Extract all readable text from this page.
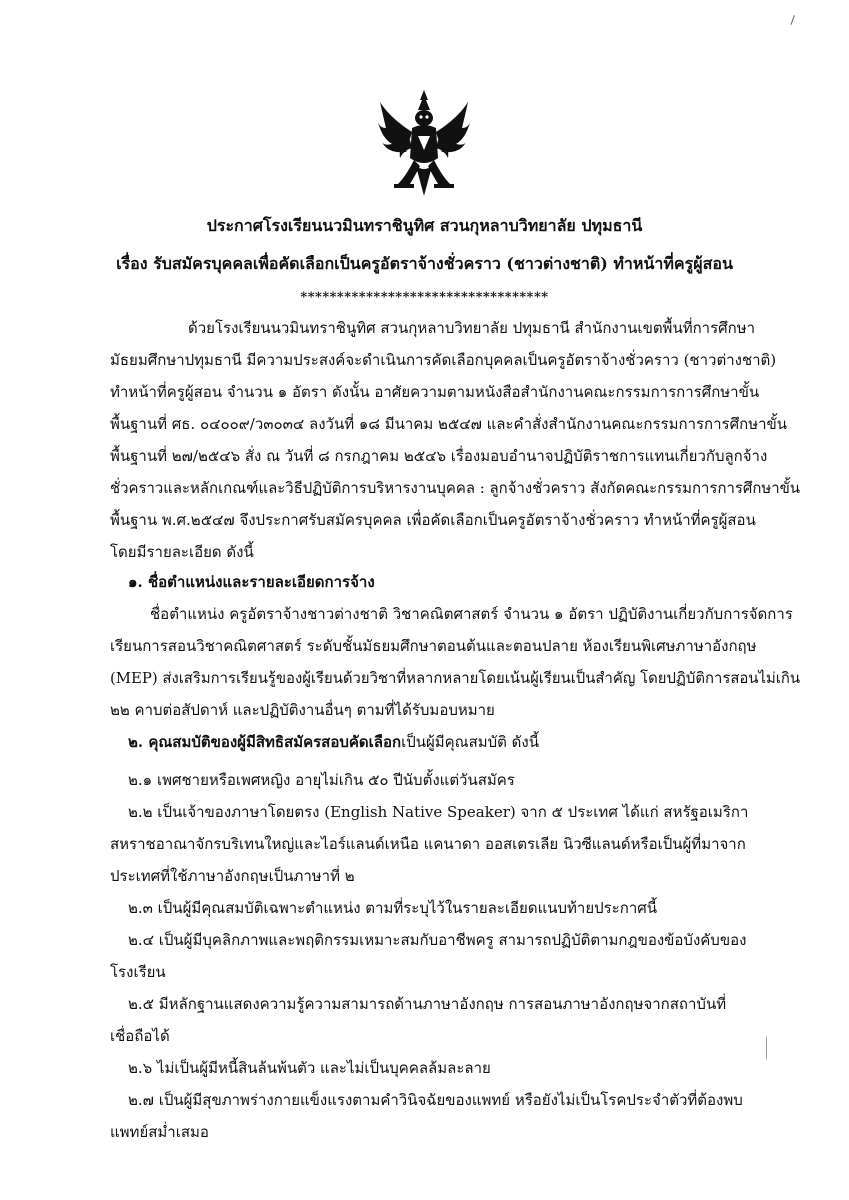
ประกาศโรงเรียนนวมินทราชินูทิศ สวนกุหลาบวิทยาลัย ปทุมธานี
เรื่อง รับสมัครบุคคลเพื่อคัดเลือกเป็นครูอัตราจ้างชั่วคราว (ชาวต่างชาติ) ทำหน้าที่ครูผู้สอน
**********************************
ด้วยโรงเรียนนวมินทราชินูทิศ สวนกุหลาบวิทยาลัย ปทุมธานี สำนักงานเขตพื้นที่การศึกษา
มัธยมศึกษาปทุมธานี มีความประสงค์จะดำเนินการคัดเลือกบุคคลเป็นครูอัตราจ้างชั่วคราว (ชาวต่างชาติ)
ทำหน้าที่ครูผู้สอน จำนวน ๑ อัตรา ดังนั้น อาศัยความตามหนังสือสำนักงานคณะกรรมการการศึกษาขั้น
พื้นฐานที่ ศธ. ๐๔๐๐๙/ว๓๐๓๔ ลงวันที่ ๑๘ มีนาคม ๒๕๔๗ และคำสั่งสำนักงานคณะกรรมการการศึกษาขั้น
พื้นฐานที่ ๒๗/๒๕๔๖ สั่ง ณ วันที่ ๘ กรกฎาคม ๒๕๔๖ เรื่องมอบอำนาจปฏิบัติราชการแทนเกี่ยวกับลูกจ้าง
ชั่วคราวและหลักเกณฑ์และวิธีปฏิบัติการบริหารงานบุคคล : ลูกจ้างชั่วคราว สังกัดคณะกรรมการการศึกษาขั้น
พื้นฐาน พ.ศ.๒๕๔๗ จึงประกาศรับสมัครบุคคล เพื่อคัดเลือกเป็นครูอัตราจ้างชั่วคราว ทำหน้าที่ครูผู้สอน
โดยมีรายละเอียด ดังนี้
๑. ชื่อตำแหน่งและรายละเอียดการจ้าง
ชื่อตำแหน่ง ครูอัตราจ้างชาวต่างชาติ วิชาคณิตศาสตร์ จำนวน ๑ อัตรา ปฏิบัติงานเกี่ยวกับการจัดการ
เรียนการสอนวิชาคณิตศาสตร์ ระดับชั้นมัธยมศึกษาตอนต้นและตอนปลาย ห้องเรียนพิเศษภาษาอังกฤษ
(MEP) ส่งเสริมการเรียนรู้ของผู้เรียนด้วยวิชาที่หลากหลายโดยเน้นผู้เรียนเป็นสำคัญ โดยปฏิบัติการสอนไม่เกิน
๒๒ คาบต่อสัปดาห์ และปฏิบัติงานอื่นๆ ตามที่ได้รับมอบหมาย
๒. คุณสมบัติของผู้มีสิทธิสมัครสอบคัดเลือกเป็นผู้มีคุณสมบัติ ดังนี้
๒.๑ เพศชายหรือเพศหญิง อายุไม่เกิน ๕๐ ปีนับตั้งแต่วันสมัคร
๒.๒ เป็นเจ้าของภาษาโดยตรง (English Native Speaker) จาก ๕ ประเทศ ได้แก่ สหรัฐอเมริกา
สหราชอาณาจักรบริเทนใหญ่และไอร์แลนด์เหนือ แคนาดา ออสเตรเลีย นิวซีแลนด์หรือเป็นผู้ที่มาจาก
ประเทศที่ใช้ภาษาอังกฤษเป็นภาษาที่ ๒
๒.๓ เป็นผู้มีคุณสมบัติเฉพาะตำแหน่ง ตามที่ระบุไว้ในรายละเอียดแนบท้ายประกาศนี้
๒.๔ เป็นผู้มีบุคลิกภาพและพฤติกรรมเหมาะสมกับอาชีพครู สามารถปฏิบัติตามกฎของข้อบังคับของ
โรงเรียน
๒.๕ มีหลักฐานแสดงความรู้ความสามารถด้านภาษาอังกฤษ การสอนภาษาอังกฤษจากสถาบันที่
เชื่อถือได้
๒.๖ ไม่เป็นผู้มีหนี้สินล้นพ้นตัว และไม่เป็นบุคคลล้มละลาย
๒.๗ เป็นผู้มีสุขภาพร่างกายแข็งแรงตามคำวินิจฉัยของแพทย์ หรือยังไม่เป็นโรคประจำตัวที่ต้องพบ
แพทย์สม่ำเสมอ
